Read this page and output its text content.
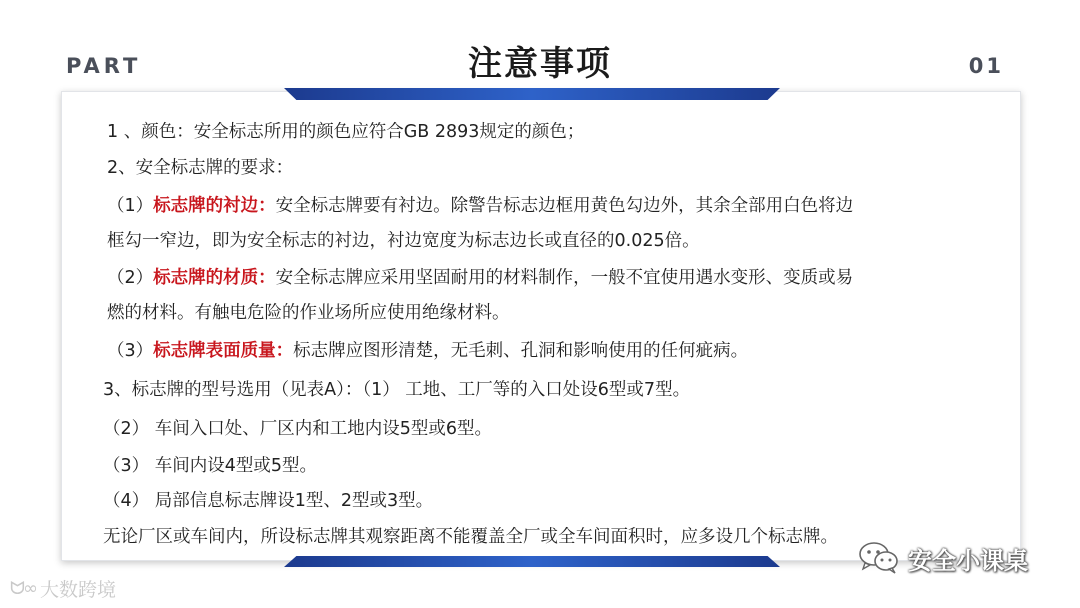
PART	注意事项	01
1 、颜色：安全标志所用的颜色应符合GB 2893规定的颜色；
2、安全标志牌的要求：
（1）标志牌的衬边：安全标志牌要有衬边。除警告标志边框用黄色勾边外，其余全部用白色将边
框勾一窄边，即为安全标志的衬边，衬边宽度为标志边长或直径的0.025倍。
（2）标志牌的材质：安全标志牌应采用坚固耐用的材料制作，一般不宜使用遇水变形、变质或易
燃的材料。有触电危险的作业场所应使用绝缘材料。
（3）标志牌表面质量：标志牌应图形清楚，无毛刺、孔洞和影响使用的任何疵病。
3、标志牌的型号选用（见表A）：（1） 工地、工厂等的入口处设6型或7型。
（2） 车间入口处、厂区内和工地内设5型或6型。
（3） 车间内设4型或5型。
（4） 局部信息标志牌设1型、2型或3型。
无论厂区或车间内，所设标志牌其观察距离不能覆盖全厂或全车间面积时，应多设几个标志牌。
ᗢ∞ 大数跨境
安全小课桌
